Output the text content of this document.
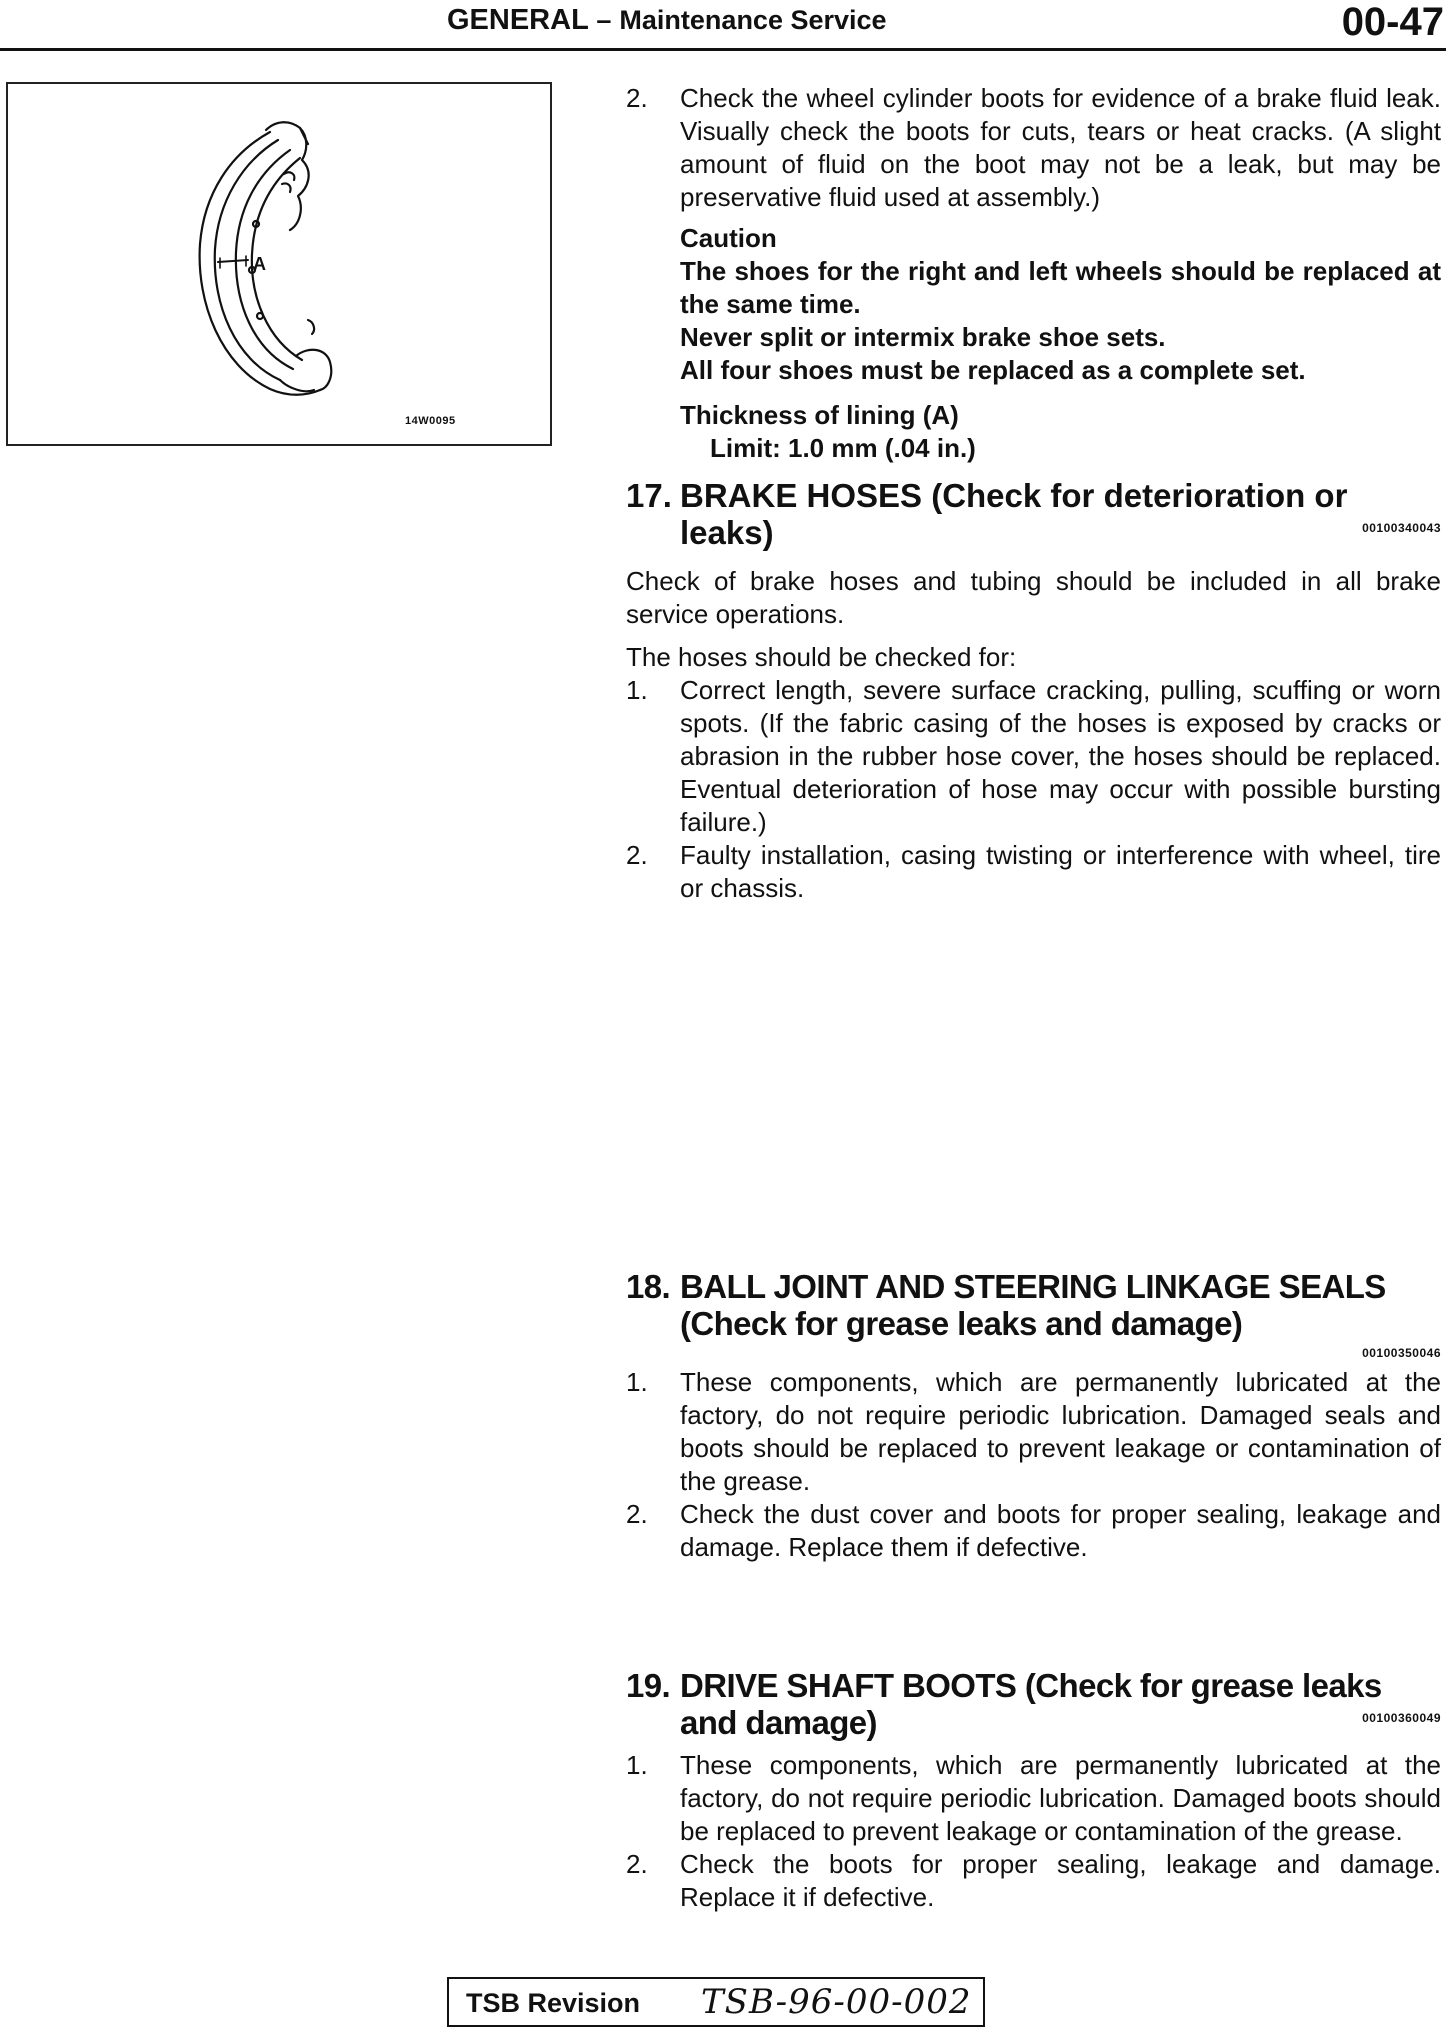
GENERAL – Maintenance Service	00-47
A
14W0095
2. Check the wheel cylinder boots for evidence of a brake fluid leak. Visually check the boots for cuts, tears or heat cracks. (A slight amount of fluid on the boot may not be a leak, but may be preservative fluid used at assembly.)
Caution
The shoes for the right and left wheels should be replaced at the same time.
Never split or intermix brake shoe sets.
All four shoes must be replaced as a complete set.
Thickness of lining (A)
Limit: 1.0 mm (.04 in.)
17. BRAKE HOSES (Check for deterioration or
leaks)	00100340043

Check of brake hoses and tubing should be included in all brake service operations.

The hoses should be checked for:

1. Correct length, severe surface cracking, pulling, scuffing or worn spots. (If the fabric casing of the hoses is exposed by cracks or abrasion in the rubber hose cover, the hoses should be replaced. Eventual deterioration of hose may occur with possible bursting failure.)
2. Faulty installation, casing twisting or interference with wheel, tire or chassis.
18. BALL JOINT AND STEERING LINKAGE SEALS
(Check for grease leaks and damage)
00100350046
1. These components, which are permanently lubricated at the factory, do not require periodic lubrication. Damaged seals and boots should be replaced to prevent leakage or contamination of the grease.
2. Check the dust cover and boots for proper sealing, leakage and damage. Replace them if defective.
19. DRIVE SHAFT BOOTS (Check for grease leaks
and damage)	00100360049
1. These components, which are permanently lubricated at the factory, do not require periodic lubrication. Damaged boots should be replaced to prevent leakage or contamination of the grease.
2. Check the boots for proper sealing, leakage and damage. Replace it if defective.
TSB Revision TSB-96-00-002
